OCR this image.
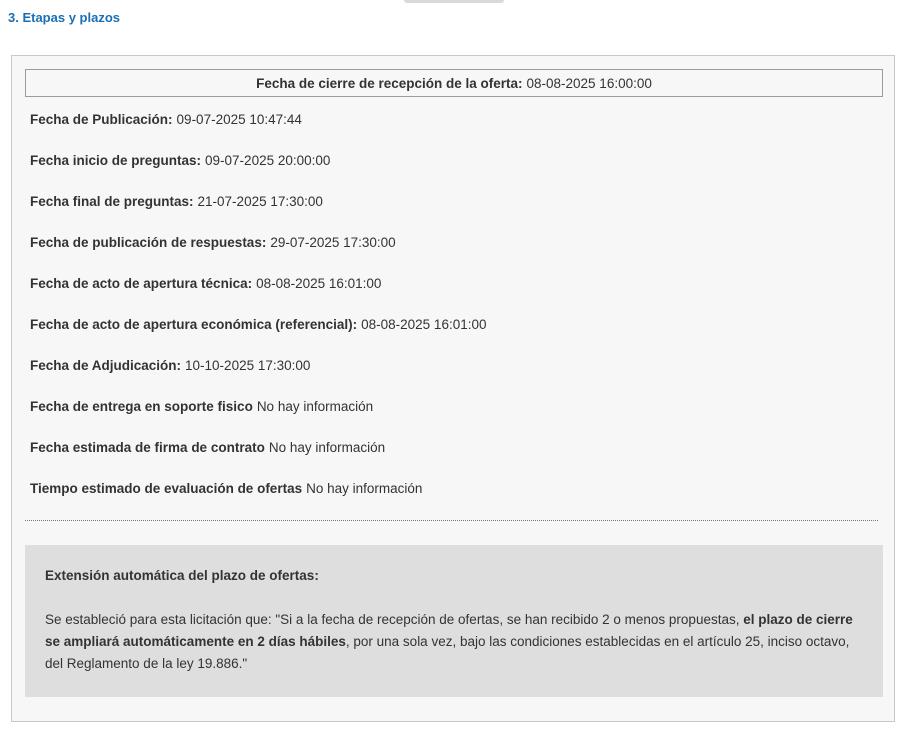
3. Etapas y plazos
Fecha de cierre de recepción de la oferta: 08-08-2025 16:00:00
Fecha de Publicación: 09-07-2025 10:47:44
Fecha inicio de preguntas: 09-07-2025 20:00:00
Fecha final de preguntas: 21-07-2025 17:30:00
Fecha de publicación de respuestas: 29-07-2025 17:30:00
Fecha de acto de apertura técnica: 08-08-2025 16:01:00
Fecha de acto de apertura económica (referencial): 08-08-2025 16:01:00
Fecha de Adjudicación: 10-10-2025 17:30:00
Fecha de entrega en soporte fisico No hay información
Fecha estimada de firma de contrato No hay información
Tiempo estimado de evaluación de ofertas No hay información

Extensión automática del plazo de ofertas:

Se estableció para esta licitación que: "Si a la fecha de recepción de ofertas, se han recibido 2 o menos propuestas, el plazo de cierre se ampliará automáticamente en 2 días hábiles, por una sola vez, bajo las condiciones establecidas en el artículo 25, inciso octavo, del Reglamento de la ley 19.886."
